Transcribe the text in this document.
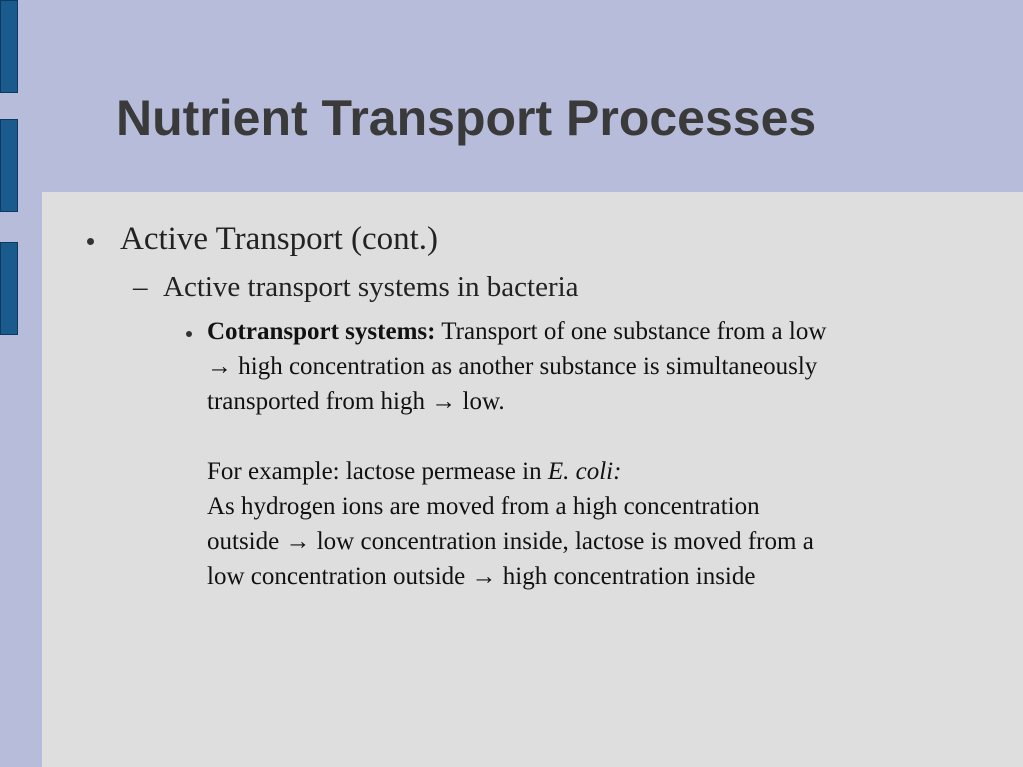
Nutrient Transport Processes
Active Transport (cont.)
– Active transport systems in bacteria

Cotransport systems: Transport of one substance from a low

→ high concentration as another substance is simultaneously

transported from high → low.

For example: lactose permease in E. coli:

As hydrogen ions are moved from a high concentration

outside → low concentration inside, lactose is moved from a

low concentration outside → high concentration inside
